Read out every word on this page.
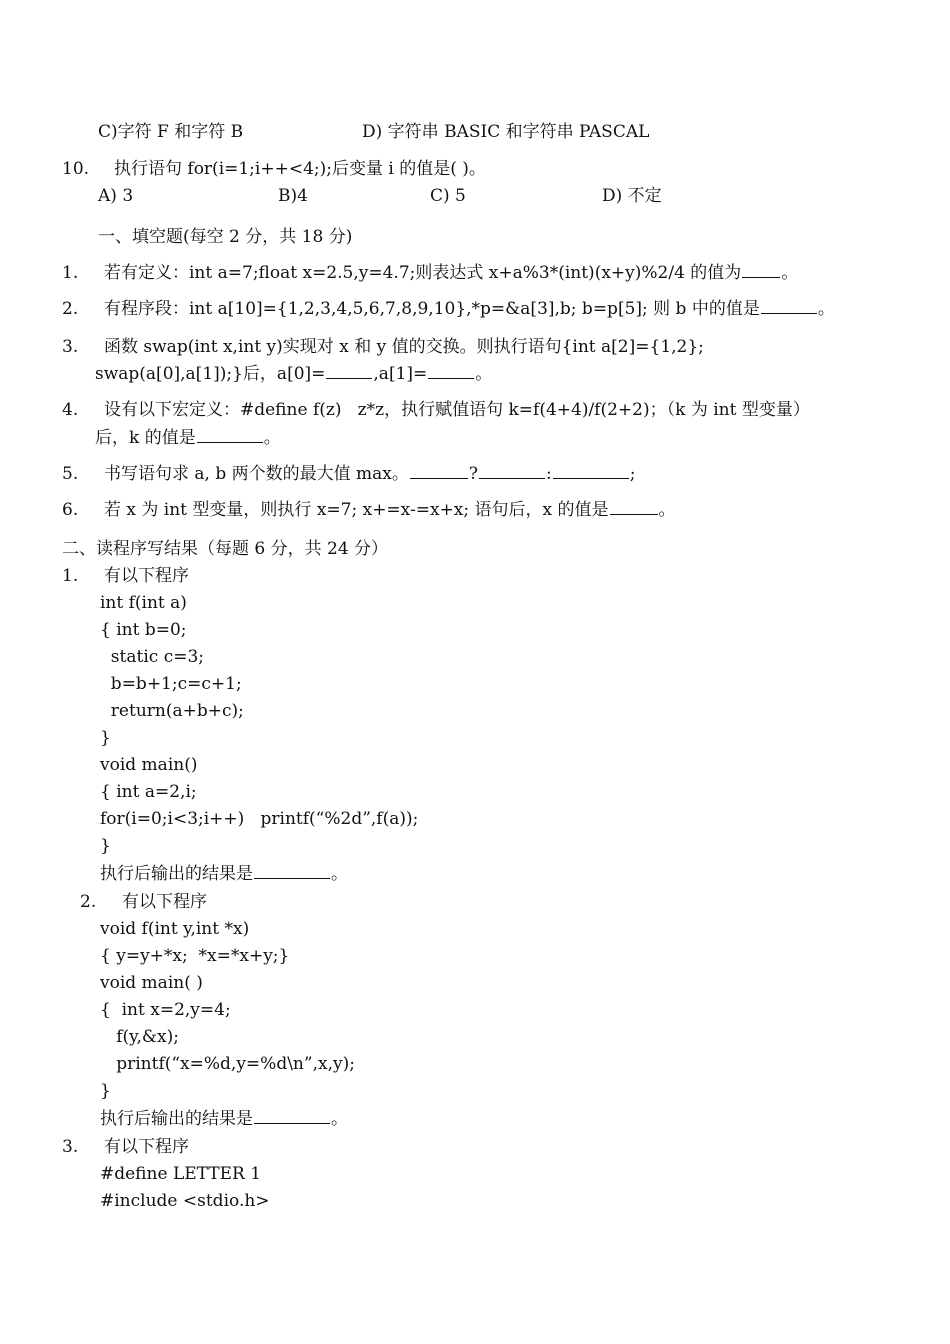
C)字符 F 和字符 B	D) 字符串 BASIC 和字符串 PASCAL
10. 执行语句 for(i=1;i++<4;);后变量 i 的值是( )。
A) 3	B)4	C) 5	D) 不定
一、填空题(每空 2 分，共 18 分)
1. 若有定义：int a=7;float x=2.5,y=4.7;则表达式 x+a%3*(int)(x+y)%2/4 的值为 。
2. 有程序段：int a[10]={1,2,3,4,5,6,7,8,9,10},*p=&a[3],b; b=p[5]; 则 b 中的值是	。
3. 函数 swap(int x,int y)实现对 x 和 y 值的交换。则执行语句{int a[2]={1,2};
swap(a[0],a[1]);}后，a[0]=	,a[1]=	。
4. 设有以下宏定义：#define f(z)   z*z，执行赋值语句 k=f(4+4)/f(2+2)；（k 为 int 型变量）
后，k 的值是	。
5. 书写语句求 a, b 两个数的最大值 max。	?	:	;
6. 若 x 为 int 型变量，则执行 x=7; x+=x-=x+x; 语句后，x 的值是	。
二、读程序写结果（每题 6 分，共 24 分）
1. 有以下程序
int f(int a)
{ int b=0;
static c=3;
b=b+1;c=c+1;
return(a+b+c);
}
void main()
{ int a=2,i;
for(i=0;i<3;i++)   printf(“%2d”,f(a));
}
执行后输出的结果是	。
2. 有以下程序
void f(int y,int *x)
{ y=y+*x;  *x=*x+y;}
void main( )
{  int x=2,y=4;
f(y,&x);
printf(“x=%d,y=%d\n”,x,y);
}
执行后输出的结果是	。
3. 有以下程序
#define LETTER 1
#include <stdio.h>
